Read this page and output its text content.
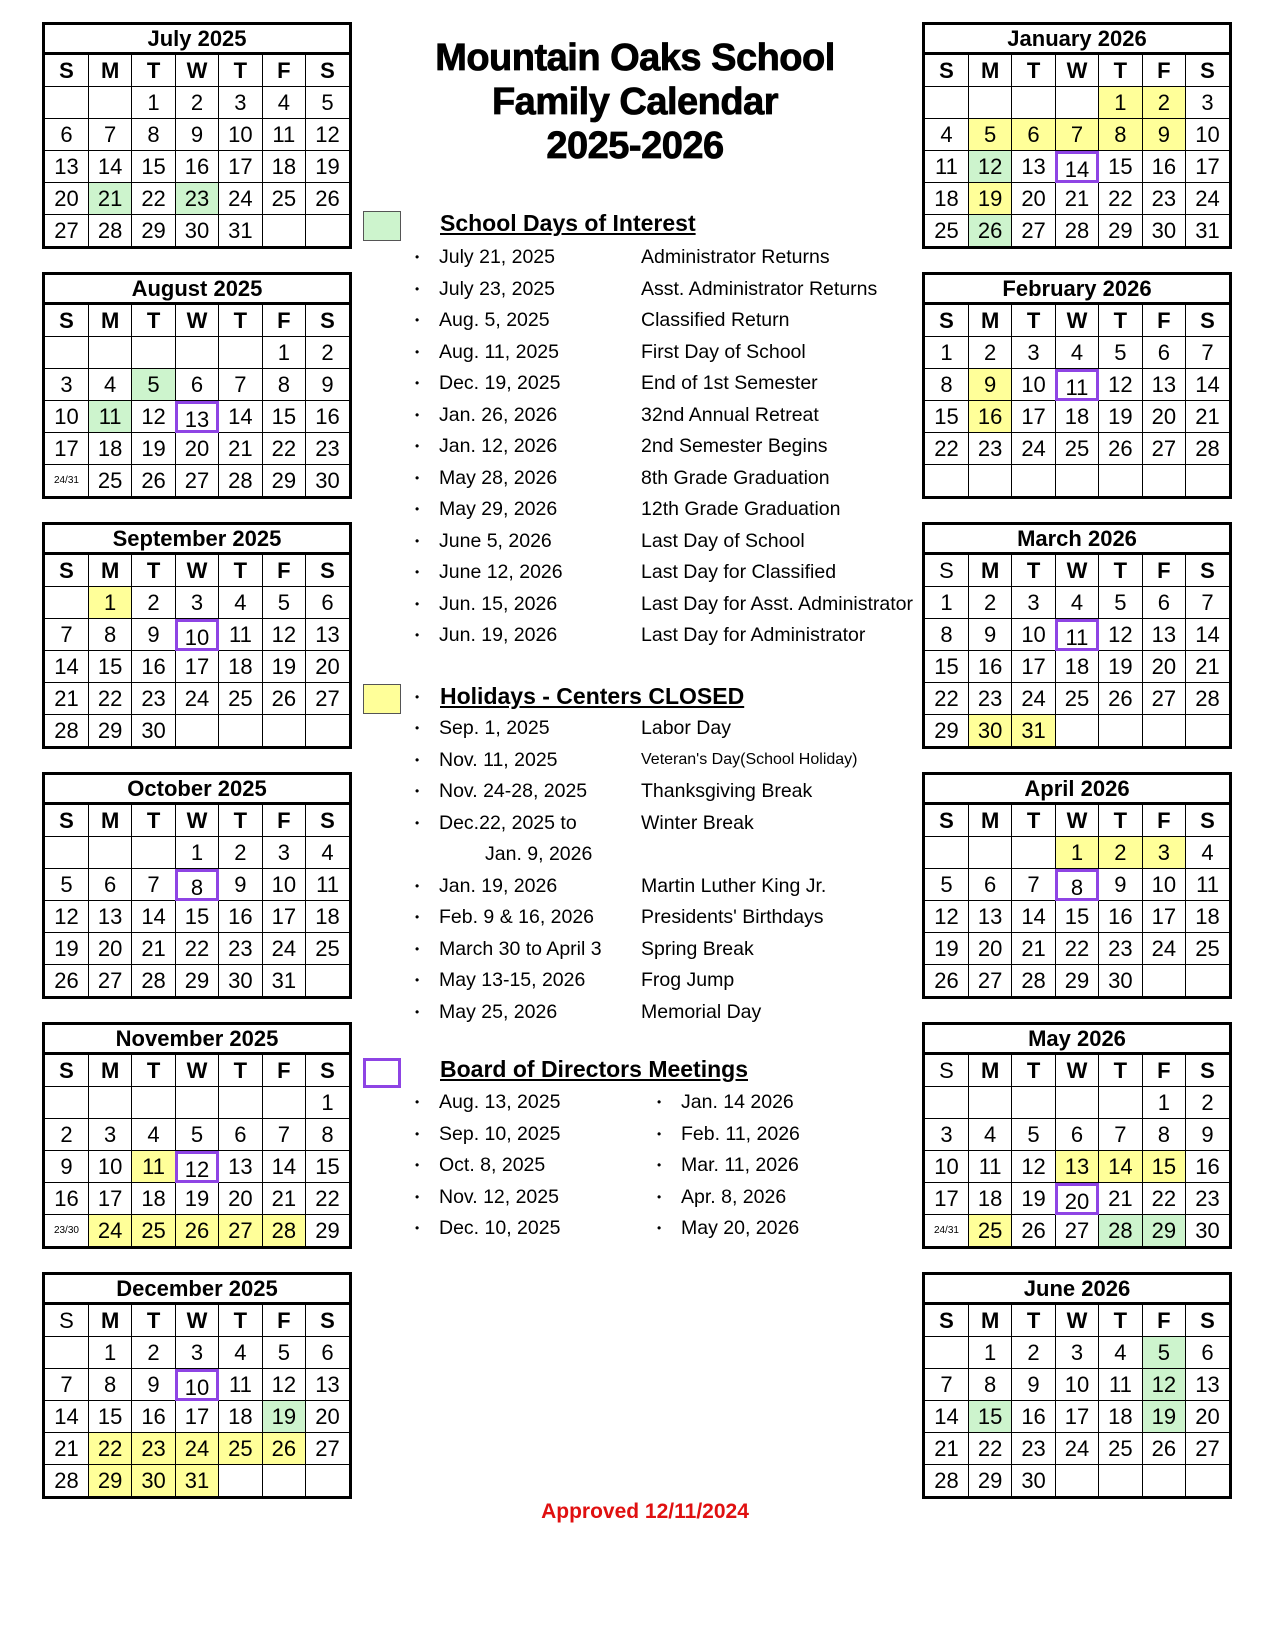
Mountain Oaks School
Family Calendar
2025-2026
July 2025
S	M	T	W	T	F	S
		1	2	3	4	5
6	7	8	9	10	11	12
13	14	15	16	17	18	19
20	21	22	23	24	25	26
27	28	29	30	31		
August 2025
S	M	T	W	T	F	S
					1	2
3	4	5	6	7	8	9
10	11	12	13	14	15	16
17	18	19	20	21	22	23
24/31	25	26	27	28	29	30
September 2025
S	M	T	W	T	F	S
	1	2	3	4	5	6
7	8	9	10	11	12	13
14	15	16	17	18	19	20
21	22	23	24	25	26	27
28	29	30				
October 2025
S	M	T	W	T	F	S
			1	2	3	4
5	6	7	8	9	10	11
12	13	14	15	16	17	18
19	20	21	22	23	24	25
26	27	28	29	30	31	
November 2025
S	M	T	W	T	F	S
						1
2	3	4	5	6	7	8
9	10	11	12	13	14	15
16	17	18	19	20	21	22
23/30	24	25	26	27	28	29
December 2025
S	M	T	W	T	F	S
	1	2	3	4	5	6
7	8	9	10	11	12	13
14	15	16	17	18	19	20
21	22	23	24	25	26	27
28	29	30	31			
January 2026
S	M	T	W	T	F	S
				1	2	3
4	5	6	7	8	9	10
11	12	13	14	15	16	17
18	19	20	21	22	23	24
25	26	27	28	29	30	31
February 2026
S	M	T	W	T	F	S
1	2	3	4	5	6	7
8	9	10	11	12	13	14
15	16	17	18	19	20	21
22	23	24	25	26	27	28

March 2026
S	M	T	W	T	F	S
1	2	3	4	5	6	7
8	9	10	11	12	13	14
15	16	17	18	19	20	21
22	23	24	25	26	27	28
29	30	31				
April 2026
S	M	T	W	T	F	S
			1	2	3	4
5	6	7	8	9	10	11
12	13	14	15	16	17	18
19	20	21	22	23	24	25
26	27	28	29	30		
May 2026
S	M	T	W	T	F	S
					1	2
3	4	5	6	7	8	9
10	11	12	13	14	15	16
17	18	19	20	21	22	23
24/31	25	26	27	28	29	30
June 2026
S	M	T	W	T	F	S
	1	2	3	4	5	6
7	8	9	10	11	12	13
14	15	16	17	18	19	20
21	22	23	24	25	26	27
28	29	30				
School Days of Interest
• July 21, 2025	Administrator Returns
• July 23, 2025	Asst. Administrator Returns
• Aug. 5, 2025	Classified Return
• Aug. 11, 2025	First Day of School
• Dec. 19, 2025	End of 1st Semester
• Jan. 26, 2026	32nd Annual Retreat
• Jan. 12, 2026	2nd Semester Begins
• May 28, 2026	8th Grade Graduation
• May 29, 2026	12th Grade Graduation
• June 5, 2026	Last Day of School
• June 12, 2026	Last Day for Classified
• Jun. 15, 2026	Last Day for Asst. Administrator
• Jun. 19, 2026	Last Day for Administrator
Holidays - Centers CLOSED
•
• Sep. 1, 2025	Labor Day
• Nov. 11, 2025	Veteran's Day(School Holiday)
• Nov. 24-28, 2025	Thanksgiving Break
• Dec.22, 2025 to	Winter Break
Jan. 9, 2026
• Jan. 19, 2026	Martin Luther King Jr.
• Feb. 9 & 16, 2026 Presidents' Birthdays
• March 30 to April 3 Spring Break
• May 13-15, 2026	Frog Jump
• May 25, 2026	Memorial Day
Board of Directors Meetings
• Aug. 13, 2025
• Sep. 10, 2025
• Oct. 8, 2025
• Nov. 12, 2025
• Dec. 10, 2025
• Jan. 14 2026
• Feb. 11, 2026
• Mar. 11, 2026
• Apr. 8, 2026
• May 20, 2026
Approved 12/11/2024
